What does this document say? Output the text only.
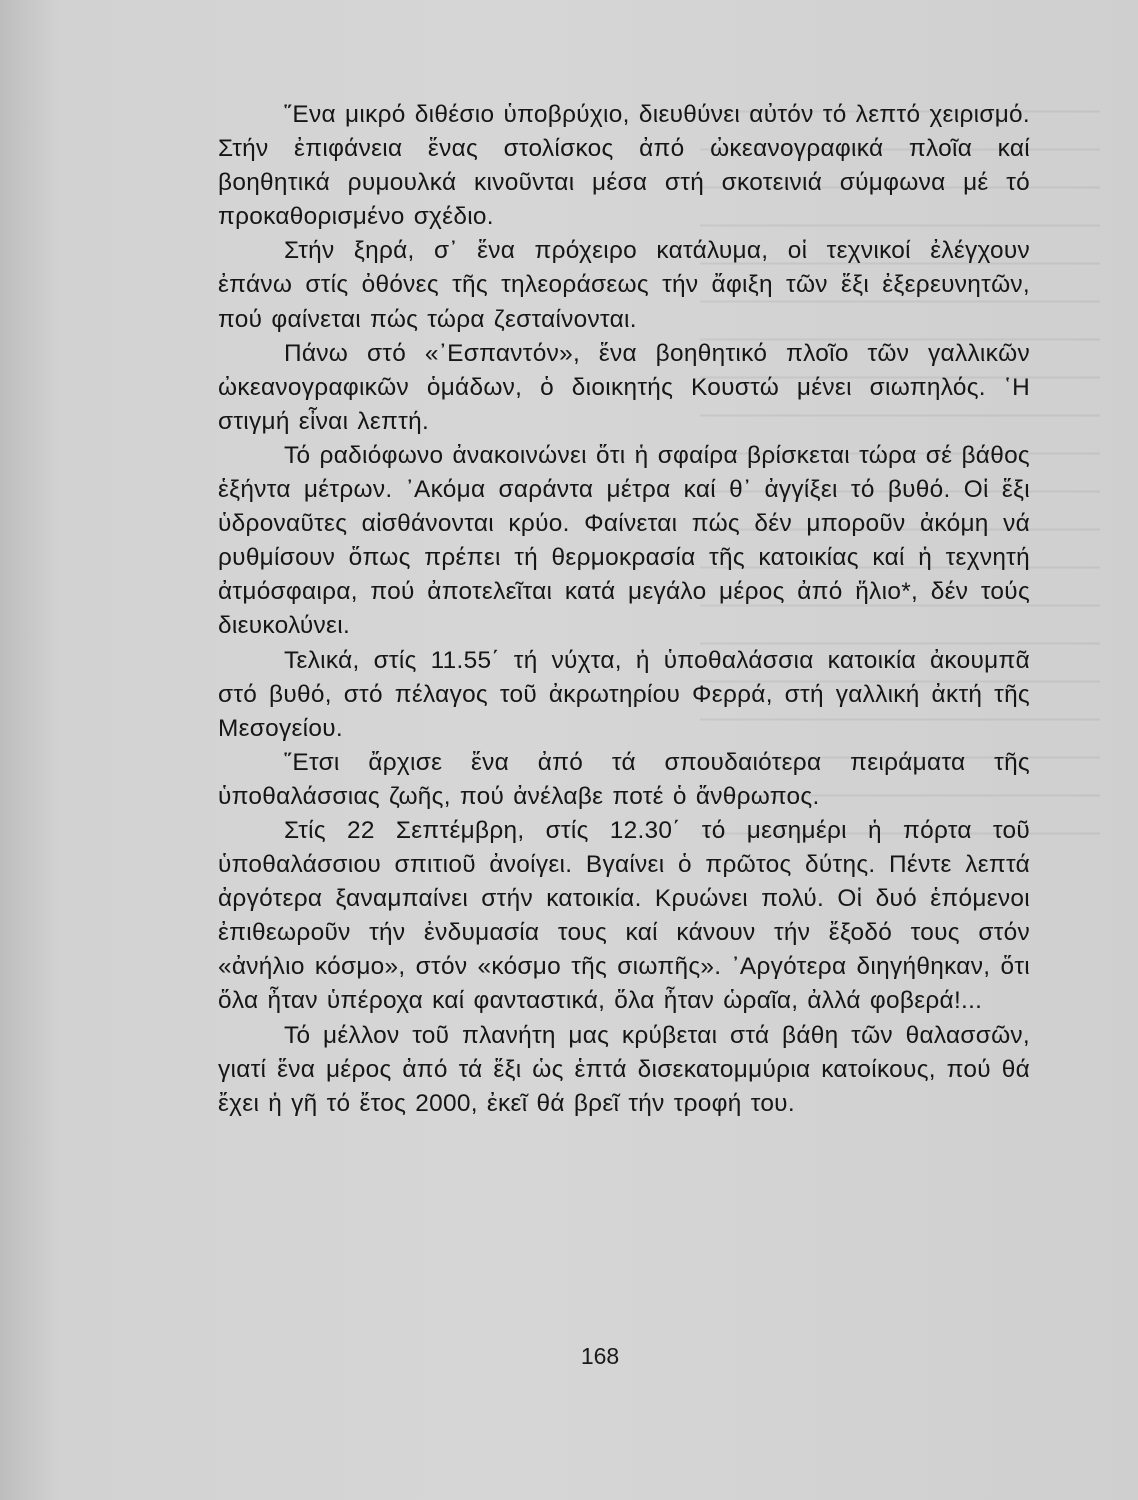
῞Ενα μικρό διθέσιο ὑποβρύχιο, διευθύνει αὐτόν τό λεπτό χειρισμό. Στήν ἐπιφάνεια ἕνας στολίσκος ἀπό ὠκεανογραφικά πλοῖα καί βοηθητικά ρυμουλκά κινοῦνται μέσα στή σκοτεινιά σύμφωνα μέ τό προκαθορισμένο σχέδιο.

Στήν ξηρά, σ᾽ ἕνα πρόχειρο κατάλυμα, οἱ τεχνικοί ἐλέγχουν ἐπάνω στίς ὀθόνες τῆς τηλεοράσεως τήν ἄφιξη τῶν ἕξι ἐξερευνητῶν, πού φαίνεται πώς τώρα ζεσταίνονται.

Πάνω στό «᾿Εσπαντόν», ἕνα βοηθητικό πλοῖο τῶν γαλλικῶν ὠκεανογραφικῶν ὁμάδων, ὁ διοικητής Κουστώ μένει σιωπηλός. ῾Η στιγμή εἶναι λεπτή.

Τό ραδιόφωνο ἀνακοινώνει ὅτι ἡ σφαίρα βρίσκεται τώρα σέ βάθος ἑξήντα μέτρων. ᾿Ακόμα σαράντα μέτρα καί θ᾽ ἀγγίξει τό βυθό. Οἱ ἕξι ὑδροναῦτες αἰσθάνονται κρύο. Φαίνεται πώς δέν μποροῦν ἀκόμη νά ρυθμίσουν ὅπως πρέπει τή θερμοκρασία τῆς κατοικίας καί ἡ τεχνητή ἀτμόσφαιρα, πού ἀποτελεῖται κατά μεγάλο μέρος ἀπό ἥλιο*, δέν τούς διευκολύνει.

Τελικά, στίς 11.55΄ τή νύχτα, ἡ ὑποθαλάσσια κατοικία ἀκουμπᾶ στό βυθό, στό πέλαγος τοῦ ἀκρωτηρίου Φερρά, στή γαλλική ἀκτή τῆς Μεσογείου.

῞Ετσι ἄρχισε ἕνα ἀπό τά σπουδαιότερα πειράματα τῆς ὑποθαλάσσιας ζωῆς, πού ἀνέλαβε ποτέ ὁ ἄνθρωπος.

Στίς 22 Σεπτέμβρη, στίς 12.30΄ τό μεσημέρι ἡ πόρτα τοῦ ὑποθαλάσσιου σπιτιοῦ ἀνοίγει. Βγαίνει ὁ πρῶτος δύτης. Πέντε λεπτά ἀργότερα ξαναμπαίνει στήν κατοικία. Κρυώνει πολύ. Οἱ δυό ἑπόμενοι ἐπιθεωροῦν τήν ἐνδυμασία τους καί κάνουν τήν ἔξοδό τους στόν «ἀνήλιο κόσμο», στόν «κόσμο τῆς σιωπῆς». ᾿Αργότερα διηγήθηκαν, ὅτι ὅλα ἦταν ὑπέροχα καί φανταστικά, ὅλα ἦταν ὡραῖα, ἀλλά φοβερά!...

Τό μέλλον τοῦ πλανήτη μας κρύβεται στά βάθη τῶν θαλασσῶν, γιατί ἕνα μέρος ἀπό τά ἕξι ὡς ἑπτά δισεκατομμύρια κατοίκους, πού θά ἔχει ἡ γῆ τό ἔτος 2000, ἐκεῖ θά βρεῖ τήν τροφή του.

168
